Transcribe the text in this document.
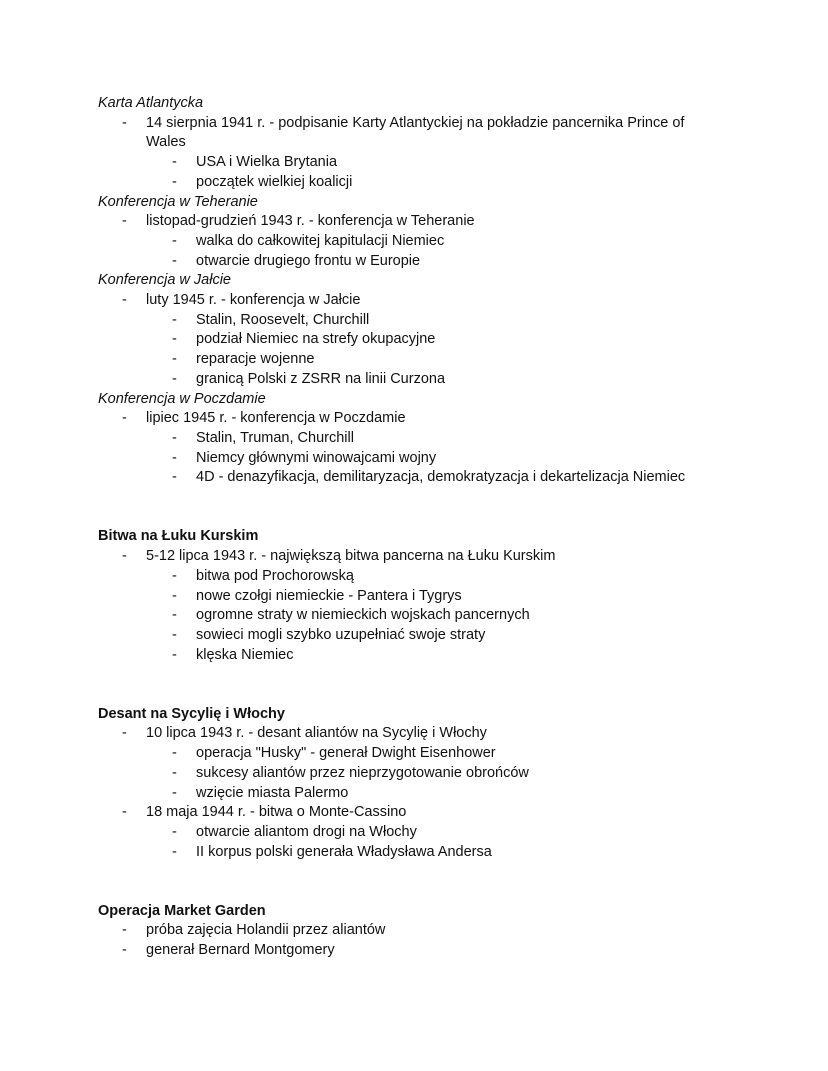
Karta Atlantycka
-	14 sierpnia 1941 r. - podpisanie Karty Atlantyckiej na pokładzie pancernika Prince of Wales
-	USA i Wielka Brytania
-	początek wielkiej koalicji
Konferencja w Teheranie
-	listopad-grudzień 1943 r. - konferencja w Teheranie
-	walka do całkowitej kapitulacji Niemiec
-	otwarcie drugiego frontu w Europie
Konferencja w Jałcie
-	luty 1945 r. - konferencja w Jałcie
-	Stalin, Roosevelt, Churchill
-	podział Niemiec na strefy okupacyjne
-	reparacje wojenne
-	granicą Polski z ZSRR na linii Curzona
Konferencja w Poczdamie
-	lipiec 1945 r. - konferencja w Poczdamie
-	Stalin, Truman, Churchill
-	Niemcy głównymi winowajcami wojny
-	4D - denazyfikacja, demilitaryzacja, demokratyzacja i dekartelizacja Niemiec
Bitwa na Łuku Kurskim
-	5-12 lipca 1943 r. - największą bitwa pancerna na Łuku Kurskim
-	bitwa pod Prochorowską
-	nowe czołgi niemieckie - Pantera i Tygrys
-	ogromne straty w niemieckich wojskach pancernych
-	sowieci mogli szybko uzupełniać swoje straty
-	klęska Niemiec
Desant na Sycylię i Włochy
-	10 lipca 1943 r. - desant aliantów na Sycylię i Włochy
-	operacja "Husky" - generał Dwight Eisenhower
-	sukcesy aliantów przez nieprzygotowanie obrońców
-	wzięcie miasta Palermo
-	18 maja 1944 r. - bitwa o Monte-Cassino
-	otwarcie aliantom drogi na Włochy
-	II korpus polski generała Władysława Andersa
Operacja Market Garden
-	próba zajęcia Holandii przez aliantów
-	generał Bernard Montgomery
